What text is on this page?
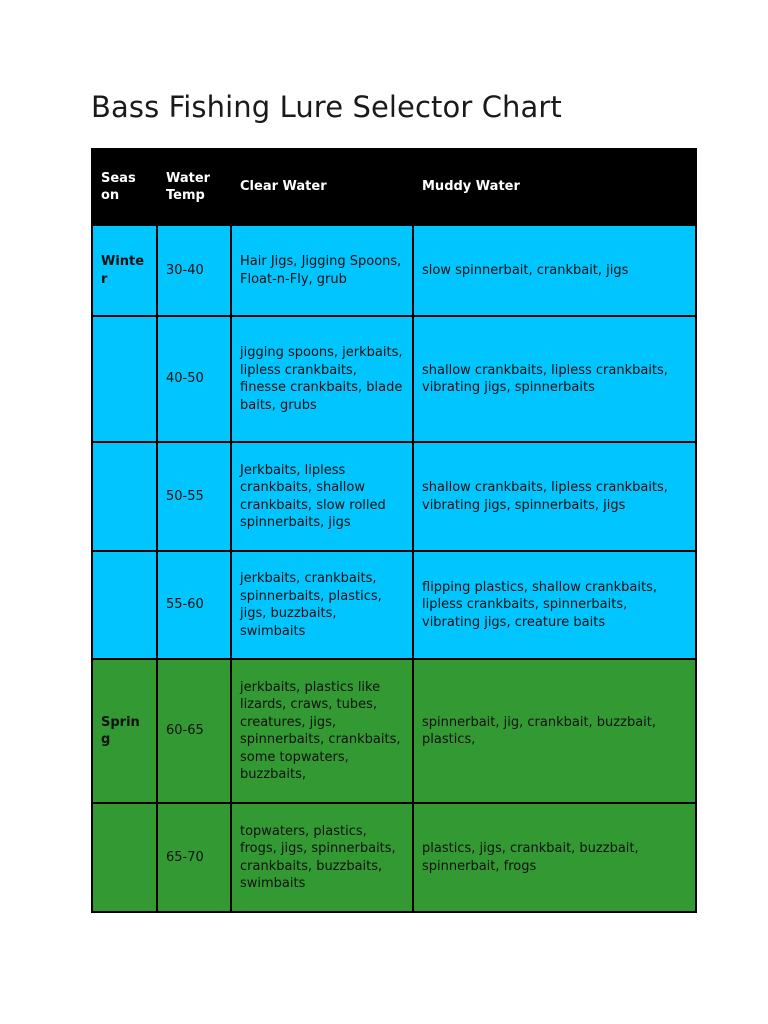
Bass Fishing Lure Selector Chart
Seas on	Water Temp	Clear Water	Muddy Water
Winter	30-40	Hair Jigs, Jigging Spoons, Float-n-Fly, grub	slow spinnerbait, crankbait, jigs
	40-50	jigging spoons, jerkbaits, lipless crankbaits, finesse crankbaits, blade baits, grubs	shallow crankbaits, lipless crankbaits, vibrating jigs, spinnerbaits
	50-55	Jerkbaits, lipless crankbaits, shallow crankbaits, slow rolled spinnerbaits, jigs	shallow crankbaits, lipless crankbaits, vibrating jigs, spinnerbaits, jigs
	55-60	jerkbaits, crankbaits, spinnerbaits, plastics, jigs, buzzbaits, swimbaits	flipping plastics, shallow crankbaits, lipless crankbaits, spinnerbaits, vibrating jigs, creature baits
Spring	60-65	jerkbaits, plastics like lizards, craws, tubes, creatures, jigs, spinnerbaits, crankbaits, some topwaters, buzzbaits,	spinnerbait, jig, crankbait, buzzbait, plastics,
	65-70	topwaters, plastics, frogs, jigs, spinnerbaits, crankbaits, buzzbaits, swimbaits	plastics, jigs, crankbait, buzzbait, spinnerbait, frogs
